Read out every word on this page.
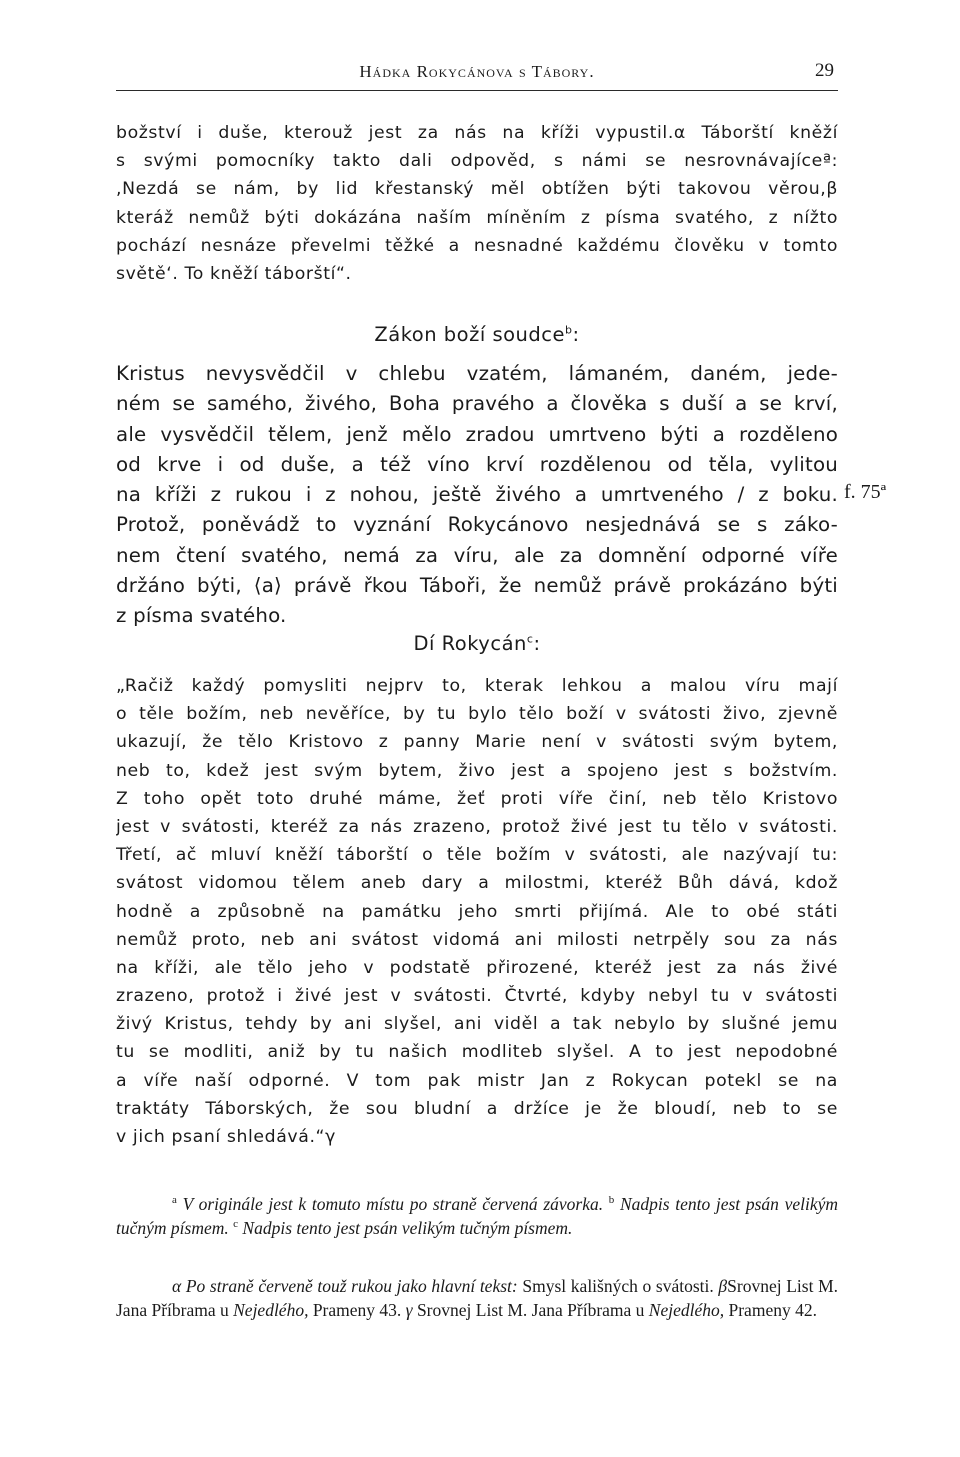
Hádka Rokycánova s Tábory.	29
božství i duše, kterouž jest za nás na kříži vypustil.α Táborští kněží
s svými pomocníky takto dali odpověd, s námi se nesrovnávajíceª:
,Nezdá se nám, by lid křestanský měl obtížen býti takovou věrou,β
kteráž nemůž býti dokázána naším míněním z písma svatého, z nížto
pochází nesnáze převelmi těžké a nesnadné každému člověku v tomto
světě‘. To kněží táborští“.
Zákon boží soudce$^b$:
Kristus nevysvědčil v chlebu vzatém, lámaném, daném, jede-
ném se samého, živého, Boha pravého a člověka s duší a se krví,
ale vysvědčil tělem, jenž mělo zradou umrtveno býti a rozděleno
od krve i od duše, a též víno krví rozdělenou od těla, vylitou
na kříži z rukou i z nohou, ještě živého a umrtveného / z boku.
Protož, poněvádž to vyznání Rokycánovo nesjednává se s záko-
nem čtení svatého, nemá za víru, ale za domnění odporné víře
držáno býti, ⟨a⟩ právě řkou Táboři, že nemůž právě prokázáno býti
z písma svatého.
f. 75ª
Dí Rokycán$^c$:
„Račiž každý pomysliti nejprv to, kterak lehkou a malou víru mají
o těle božím, neb nevěříce, by tu bylo tělo boží v svátosti živo, zjevně
ukazují, že tělo Kristovo z panny Marie není v svátosti svým bytem,
neb to, kdež jest svým bytem, živo jest a spojeno jest s božstvím.
Z toho opět toto druhé máme, žeť proti víře činí, neb tělo Kristovo
jest v svátosti, kteréž za nás zrazeno, protož živé jest tu tělo v svátosti.
Třetí, ač mluví kněží táborští o těle božím v svátosti, ale nazývají tu:
svátost vidomou tělem aneb dary a milostmi, kteréž Bůh dává, kdož
hodně a způsobně na památku jeho smrti přijímá. Ale to obé státi
nemůž proto, neb ani svátost vidomá ani milosti netrpěly sou za nás
na kříži, ale tělo jeho v podstatě přirozené, kteréž jest za nás živé
zrazeno, protož i živé jest v svátosti. Čtvrté, kdyby nebyl tu v svátosti
živý Kristus, tehdy by ani slyšel, ani viděl a tak nebylo by slušné jemu
tu se modliti, aniž by tu našich modliteb slyšel. A to jest nepodobné
a víře naší odporné. V tom pak mistr Jan z Rokycan potekl se na
traktáty Táborských, že sou bludní a držíce je že bloudí, neb to se
v jich psaní shledává.“γ
$^a$ V originále jest k tomuto místu po straně červená závorka. $^b$ Nadpis tento jest psán velikým tučným písmem. $^c$ Nadpis tento jest psán velikým tučným písmem.
α Po straně červeně touž rukou jako hlavní tekst: Smysl kališných o svátosti. βSrovnej List M. Jana Příbrama u Nejedlého, Prameny 43. γ Srovnej List M. Jana Příbrama u Nejedlého, Prameny 42.
